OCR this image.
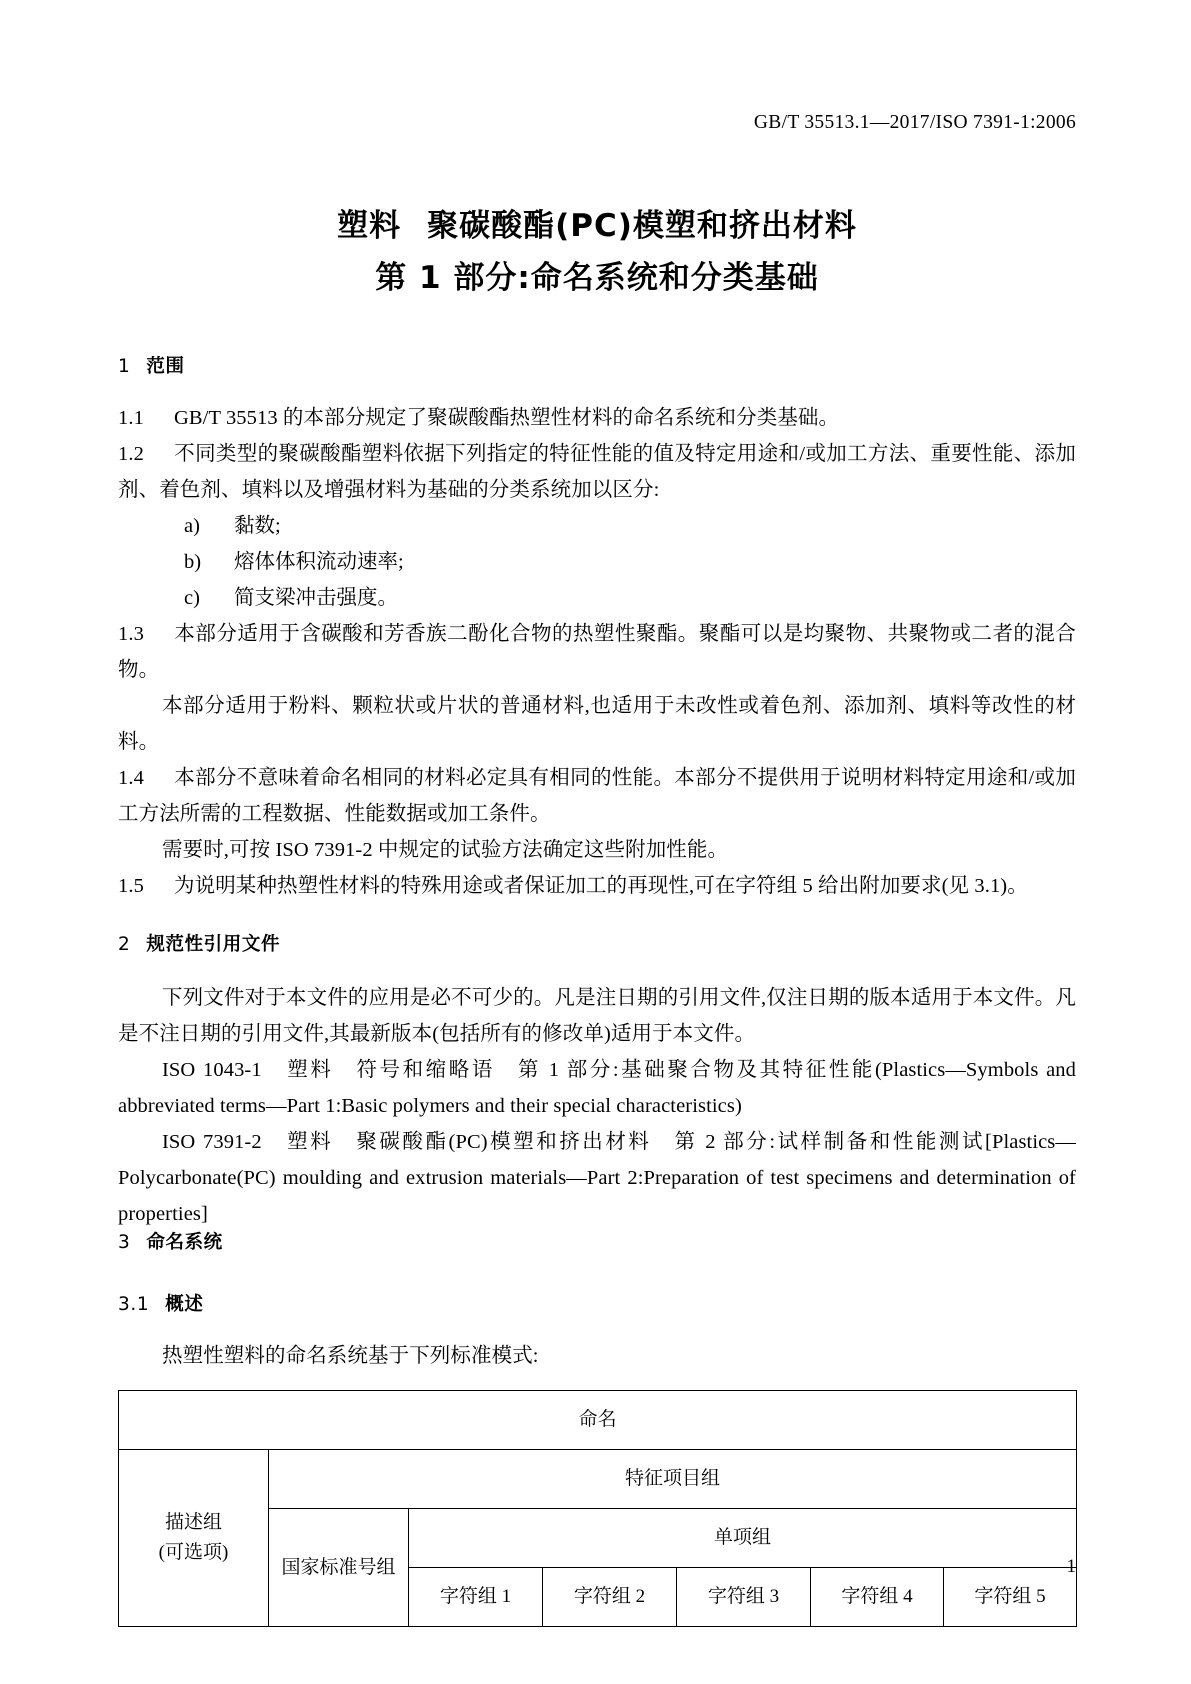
GB/T 35513.1—2017/ISO 7391-1:2006
塑料 聚碳酸酯(PC)模塑和挤出材料
第 1 部分:命名系统和分类基础
1 范围

1.1 GB/T 35513 的本部分规定了聚碳酸酯热塑性材料的命名系统和分类基础。

1.2 不同类型的聚碳酸酯塑料依据下列指定的特征性能的值及特定用途和/或加工方法、重要性能、添加剂、着色剂、填料以及增强材料为基础的分类系统加以区分:

a) 黏数;

b) 熔体体积流动速率;

c) 简支梁冲击强度。

1.3 本部分适用于含碳酸和芳香族二酚化合物的热塑性聚酯。聚酯可以是均聚物、共聚物或二者的混合物。

本部分适用于粉料、颗粒状或片状的普通材料,也适用于未改性或着色剂、添加剂、填料等改性的材料。

1.4 本部分不意味着命名相同的材料必定具有相同的性能。本部分不提供用于说明材料特定用途和/或加工方法所需的工程数据、性能数据或加工条件。

需要时,可按 ISO 7391-2 中规定的试验方法确定这些附加性能。

1.5 为说明某种热塑性材料的特殊用途或者保证加工的再现性,可在字符组 5 给出附加要求(见 3.1)。

2 规范性引用文件

下列文件对于本文件的应用是必不可少的。凡是注日期的引用文件,仅注日期的版本适用于本文件。凡是不注日期的引用文件,其最新版本(包括所有的修改单)适用于本文件。

ISO 1043-1　塑料　符号和缩略语　第 1 部分:基础聚合物及其特征性能(Plastics—Symbols and abbreviated terms—Part 1:Basic polymers and their special characteristics)

ISO 7391-2　塑料　聚碳酸酯(PC)模塑和挤出材料　第 2 部分:试样制备和性能测试[Plastics—Polycarbonate(PC) moulding and extrusion materials—Part 2:Preparation of test specimens and determination of properties]

3 命名系统
3.1 概述

热塑性塑料的命名系统基于下列标准模式:

命名						

描述组
(可选项)	特征项目组					
	国家标准号组	单项组				
		字符组 1	字符组 2	字符组 3	字符组 4	字符组 5
1
